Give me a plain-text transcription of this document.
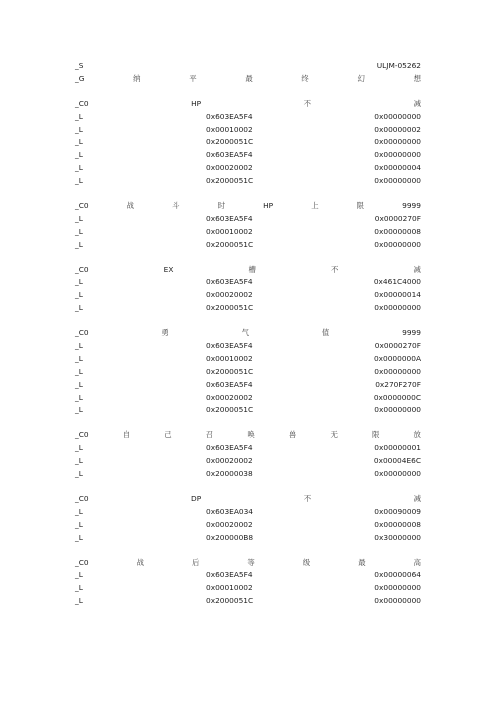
_S	ULJM-05262
_G	纳	平	最	终	幻	想
_C0	HP	不	减
_L	0x603EA5F4	0x00000000
_L	0x00010002	0x00000002
_L	0x2000051C	0x00000000
_L	0x603EA5F4	0x00000000
_L	0x00020002	0x00000004
_L	0x2000051C	0x00000000
_C0	战	斗	时	HP	上	限	9999
_L	0x603EA5F4	0x0000270F
_L	0x00010002	0x00000008
_L	0x2000051C	0x00000000
_C0	EX	槽	不	减
_L	0x603EA5F4	0x461C4000
_L	0x00020002	0x00000014
_L	0x2000051C	0x00000000
_C0	勇	气	值	9999
_L	0x603EA5F4	0x0000270F
_L	0x00010002	0x0000000A
_L	0x2000051C	0x00000000
_L	0x603EA5F4	0x270F270F
_L	0x00020002	0x0000000C
_L	0x2000051C	0x00000000
_C0	自	己	召	唤	兽	无	限	放
_L	0x603EA5F4	0x00000001
_L	0x00020002	0x00004E6C
_L	0x20000038	0x00000000
_C0	DP	不	减
_L	0x603EA034	0x00090009
_L	0x00020002	0x00000008
_L	0x200000B8	0x30000000
_C0	战	后	等	级	最	高
_L	0x603EA5F4	0x00000064
_L	0x00010002	0x00000000
_L	0x2000051C	0x00000000
